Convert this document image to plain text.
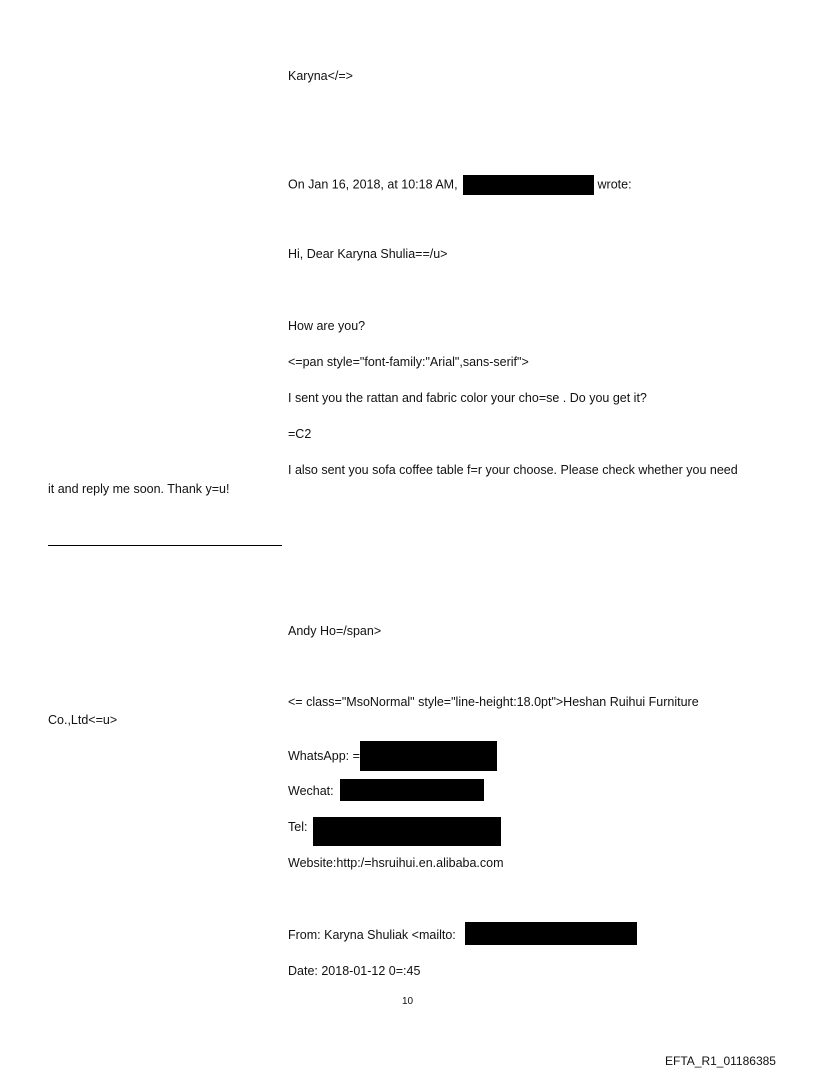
Karyna</=>
On Jan 16, 2018, at 10:18 AM,	wrote:
Hi, Dear Karyna Shulia==/u>
How are you?
<=pan style="font-family:"Arial",sans-serif">
I sent you the rattan and fabric color your cho=se . Do you get it?
=C2
I also sent you sofa coffee table f=r your choose. Please check whether you need
it and reply me soon. Thank y=u!
Andy Ho=/span>
<= class="MsoNormal" style="line-height:18.0pt">Heshan Ruihui Furniture
Co.,Ltd<=u>
WhatsApp: =
Wechat:
Tel:
Website:http:/=hsruihui.en.alibaba.com
From: Karyna Shuliak <mailto:
Date: 2018-01-12 0=:45
10
EFTA_R1_01186385
